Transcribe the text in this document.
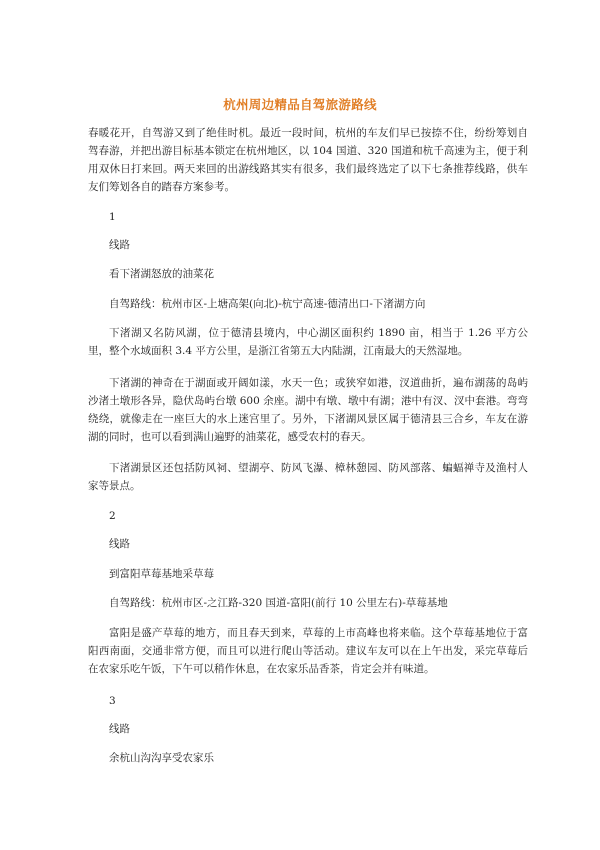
杭州周边精品自驾旅游路线

春暖花开，自驾游又到了绝佳时机。最近一段时间，杭州的车友们早已按捺不住，纷纷筹划自驾春游，并把出游目标基本锁定在杭州地区，以 104 国道、320 国道和杭千高速为主，便于利用双休日打来回。两天来回的出游线路其实有很多，我们最终选定了以下七条推荐线路，供车友们筹划各自的踏春方案参考。

1
线路
看下渚湖怒放的油菜花
自驾路线：杭州市区-上塘高架(向北)-杭宁高速-德清出口-下渚湖方向

下渚湖又名防风湖，位于德清县境内，中心湖区面积约 1890 亩，相当于 1.26 平方公里，整个水域面积 3.4 平方公里，是浙江省第五大内陆湖，江南最大的天然湿地。

下渚湖的神奇在于湖面或开阔如漾，水天一色；或狭窄如港，汊道曲折，遍布湖荡的岛屿沙渚土墩形各异，隐伏岛屿台墩 600 余座。湖中有墩、墩中有湖；港中有汊、汊中套港。弯弯绕绕，就像走在一座巨大的水上迷宫里了。另外，下渚湖风景区属于德清县三合乡，车友在游湖的同时，也可以看到满山遍野的油菜花，感受农村的春天。

下渚湖景区还包括防风祠、望湖亭、防风飞瀑、樟林憩园、防风部落、蝙蝠禅寺及渔村人家等景点。

2
线路
到富阳草莓基地采草莓
自驾路线：杭州市区-之江路-320 国道-富阳(前行 10 公里左右)-草莓基地

富阳是盛产草莓的地方，而且春天到来，草莓的上市高峰也将来临。这个草莓基地位于富阳西南面，交通非常方便，而且可以进行爬山等活动。建议车友可以在上午出发，采完草莓后在农家乐吃午饭，下午可以稍作休息，在农家乐品香茶，肯定会并有味道。

3
线路
余杭山沟沟享受农家乐
